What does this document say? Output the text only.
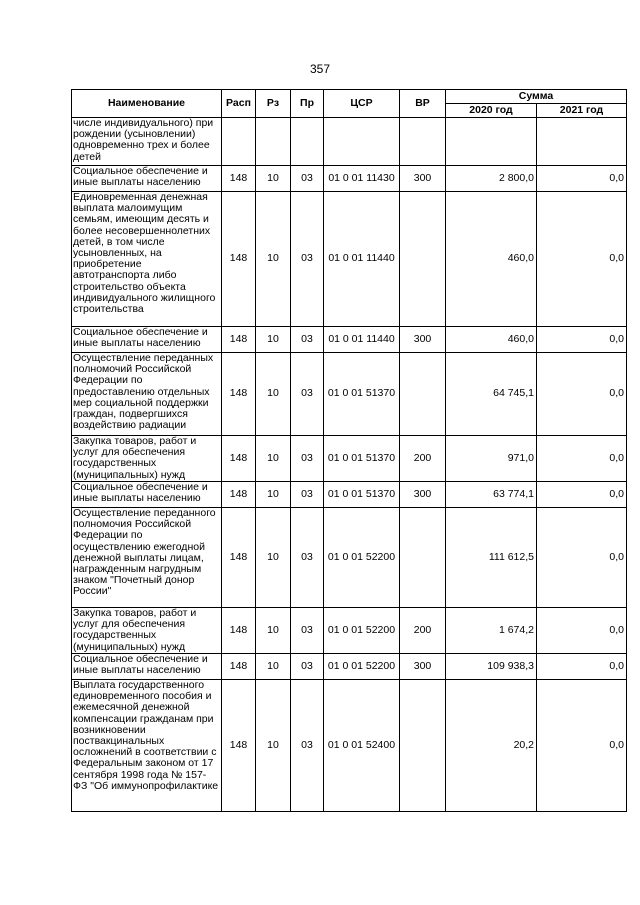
357
Наименование	Расп	Рз	Пр	ЦСР	ВР	Сумма	
						2020 год	2021 год
числе индивидуального) при рождении (усыновлении) одновременно трех и более детей							
Социальное обеспечение и иные выплаты населению	148	10	03	01 0 01 11430	300	2 800,0	0,0
Единовременная денежная выплата малоимущим семьям, имеющим десять и более несовершеннолетних детей, в том числе усыновленных, на приобретение автотранспорта либо строительство объекта индивидуального жилищного строительства	148	10	03	01 0 01 11440		460,0	0,0
Социальное обеспечение и иные выплаты населению	148	10	03	01 0 01 11440	300	460,0	0,0
Осуществление переданных полномочий Российской Федерации по предоставлению отдельных мер социальной поддержки граждан, подвергшихся воздействию радиации	148	10	03	01 0 01 51370		64 745,1	0,0
Закупка товаров, работ и услуг для обеспечения государственных (муниципальных) нужд	148	10	03	01 0 01 51370	200	971,0	0,0
Социальное обеспечение и иные выплаты населению	148	10	03	01 0 01 51370	300	63 774,1	0,0
Осуществление переданного полномочия Российской Федерации по осуществлению ежегодной денежной выплаты лицам, награжденным нагрудным знаком "Почетный донор России"	148	10	03	01 0 01 52200		111 612,5	0,0
Закупка товаров, работ и услуг для обеспечения государственных (муниципальных) нужд	148	10	03	01 0 01 52200	200	1 674,2	0,0
Социальное обеспечение и иные выплаты населению	148	10	03	01 0 01 52200	300	109 938,3	0,0
Выплата государственного единовременного пособия и ежемесячной денежной компенсации гражданам при возникновении поствакцинальных осложнений в соответствии с Федеральным законом от 17 сентября 1998 года № 157-ФЗ "Об иммунопрофилактике	148	10	03	01 0 01 52400		20,2	0,0
